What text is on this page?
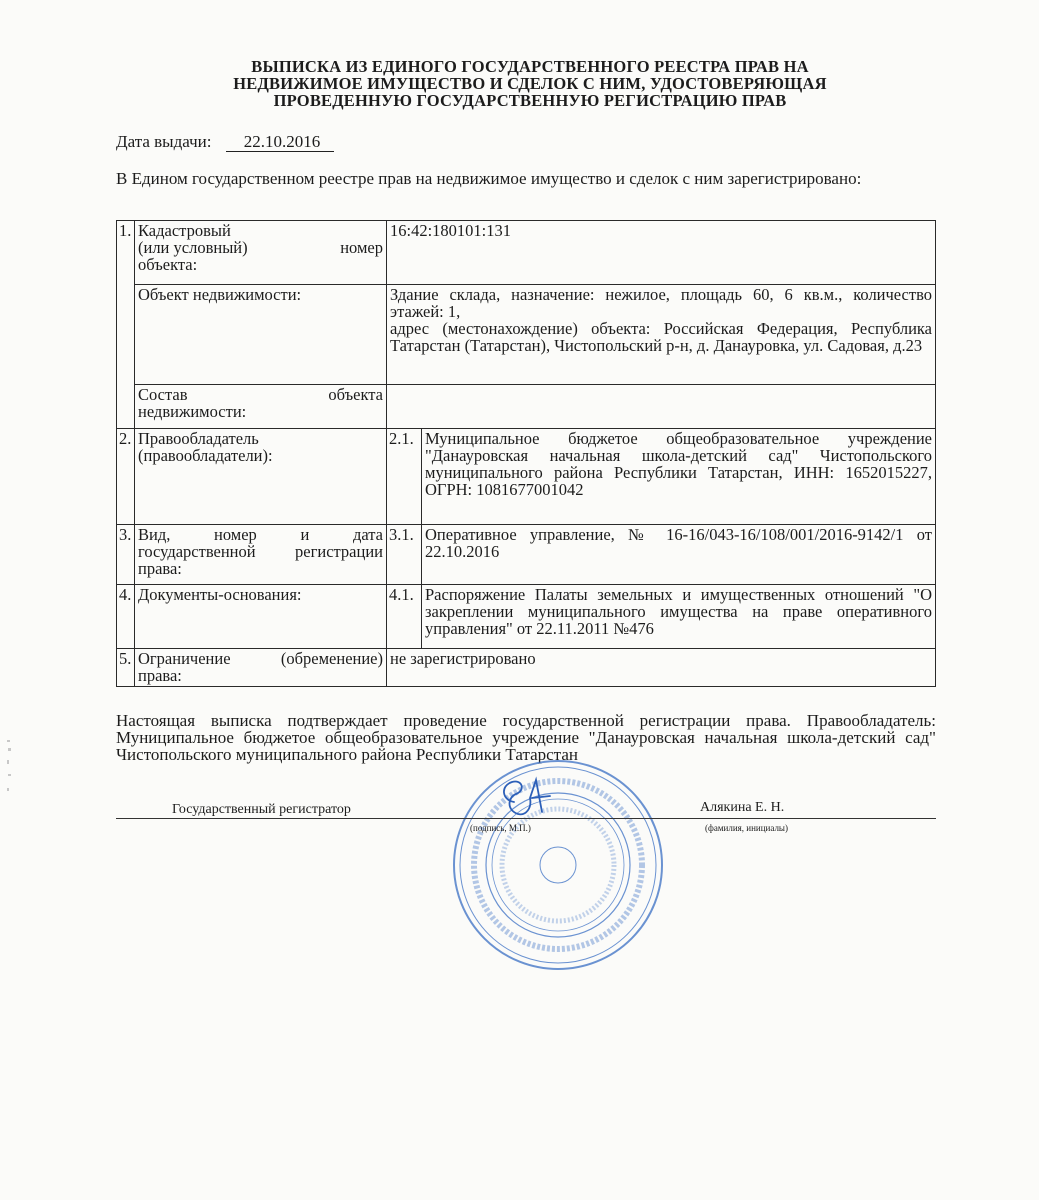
ВЫПИСКА ИЗ ЕДИНОГО ГОСУДАРСТВЕННОГО РЕЕСТРА ПРАВ НА
НЕДВИЖИМОЕ ИМУЩЕСТВО И СДЕЛОК С НИМ, УДОСТОВЕРЯЮЩАЯ
ПРОВЕДЕННУЮ ГОСУДАРСТВЕННУЮ РЕГИСТРАЦИЮ ПРАВ
Дата выдачи: 22.10.2016
В Едином государственном реестре прав на недвижимое имущество и сделок с ним зарегистрировано:
1.	Кадастровый
(или условный) номер
объекта:	16:42:180101:131	
	Объект недвижимости:	Здание склада, назначение: нежилое, площадь 60, 6 кв.м., количество этажей: 1,
адрес (местонахождение) объекта: Российская Федерация, Республика Татарстан (Татарстан), Чистопольский р-н, д. Данауровка, ул. Садовая, д.23	

	Состав объекта
недвижимости:		

2.	Правообладатель (правообладатели):	2.1.	Муниципальное бюджетое общеобразовательное учреждение "Данауровская начальная школа-детский сад" Чистопольского муниципального района Республики Татарстан, ИНН: 1652015227, ОГРН: 1081677001042
3.	Вид, номер и дата государственной регистрации права:	3.1.	Оперативное управление, № 16-16/043-16/108/001/2016-9142/1 от 22.10.2016
4.	Документы-основания:	4.1.	Распоряжение Палаты земельных и имущественных отношений "О закреплении муниципального имущества на праве оперативного управления" от 22.11.2011 №476
5.	Ограничение (обременение) права:	не зарегистрировано	
Настоящая выписка подтверждает проведение государственной регистрации права. Правообладатель: Муниципальное бюджетое общеобразовательное учреждение "Данауровская начальная школа-детский сад" Чистопольского муниципального района Республики Татарстан
Государственный регистратор	Алякина Е. Н.
(подпись, М.П.)	(фамилия, инициалы)
